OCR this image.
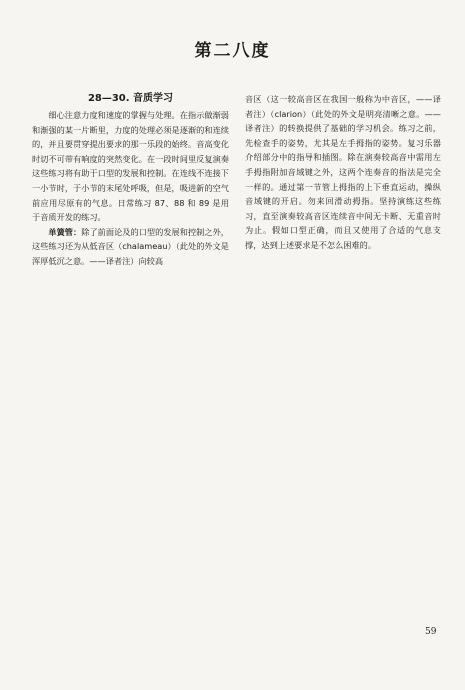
第二八度
28—30. 音质学习

细心注意力度和速度的掌握与处理。在指示做渐弱和渐强的某一片断里，力度的处理必须是逐渐的和连续的，并且要贯穿提出要求的那一乐段的始终。音高变化时切不可带有响度的突然变化。在一段时间里反复演奏这些练习将有助于口型的发展和控制。在连线不连接下一小节时，于小节的末尾处呼吸，但是，吸进新的空气前应用尽原有的气息。日常练习 87、88 和 89 是用于音质开发的练习。

单簧管：除了前面论及的口型的发展和控制之外，这些练习还为从低音区（chalameau）（此处的外文是浑厚低沉之意。——译者注）向较高

音区（这一较高音区在我国一般称为中音区，——译者注）（clarion）（此处的外文是明亮清晰之意。——译者注）的转换提供了基础的学习机会。练习之前，先检查手的姿势，尤其是左手拇指的姿势。复习乐器介绍部分中的指导和插图。除在演奏较高音中需用左手拇指附加音域键之外，这两个连奏音的指法是完全一样的。通过第一节管上拇指的上下垂直运动，操纵音域键的开启。勿来回滑动拇指。坚持演练这些练习，直至演奏较高音区连续音中间无卡断、无重音时为止。假如口型正确，而且又使用了合适的气息支撑，达到上述要求是不怎么困难的。

59
